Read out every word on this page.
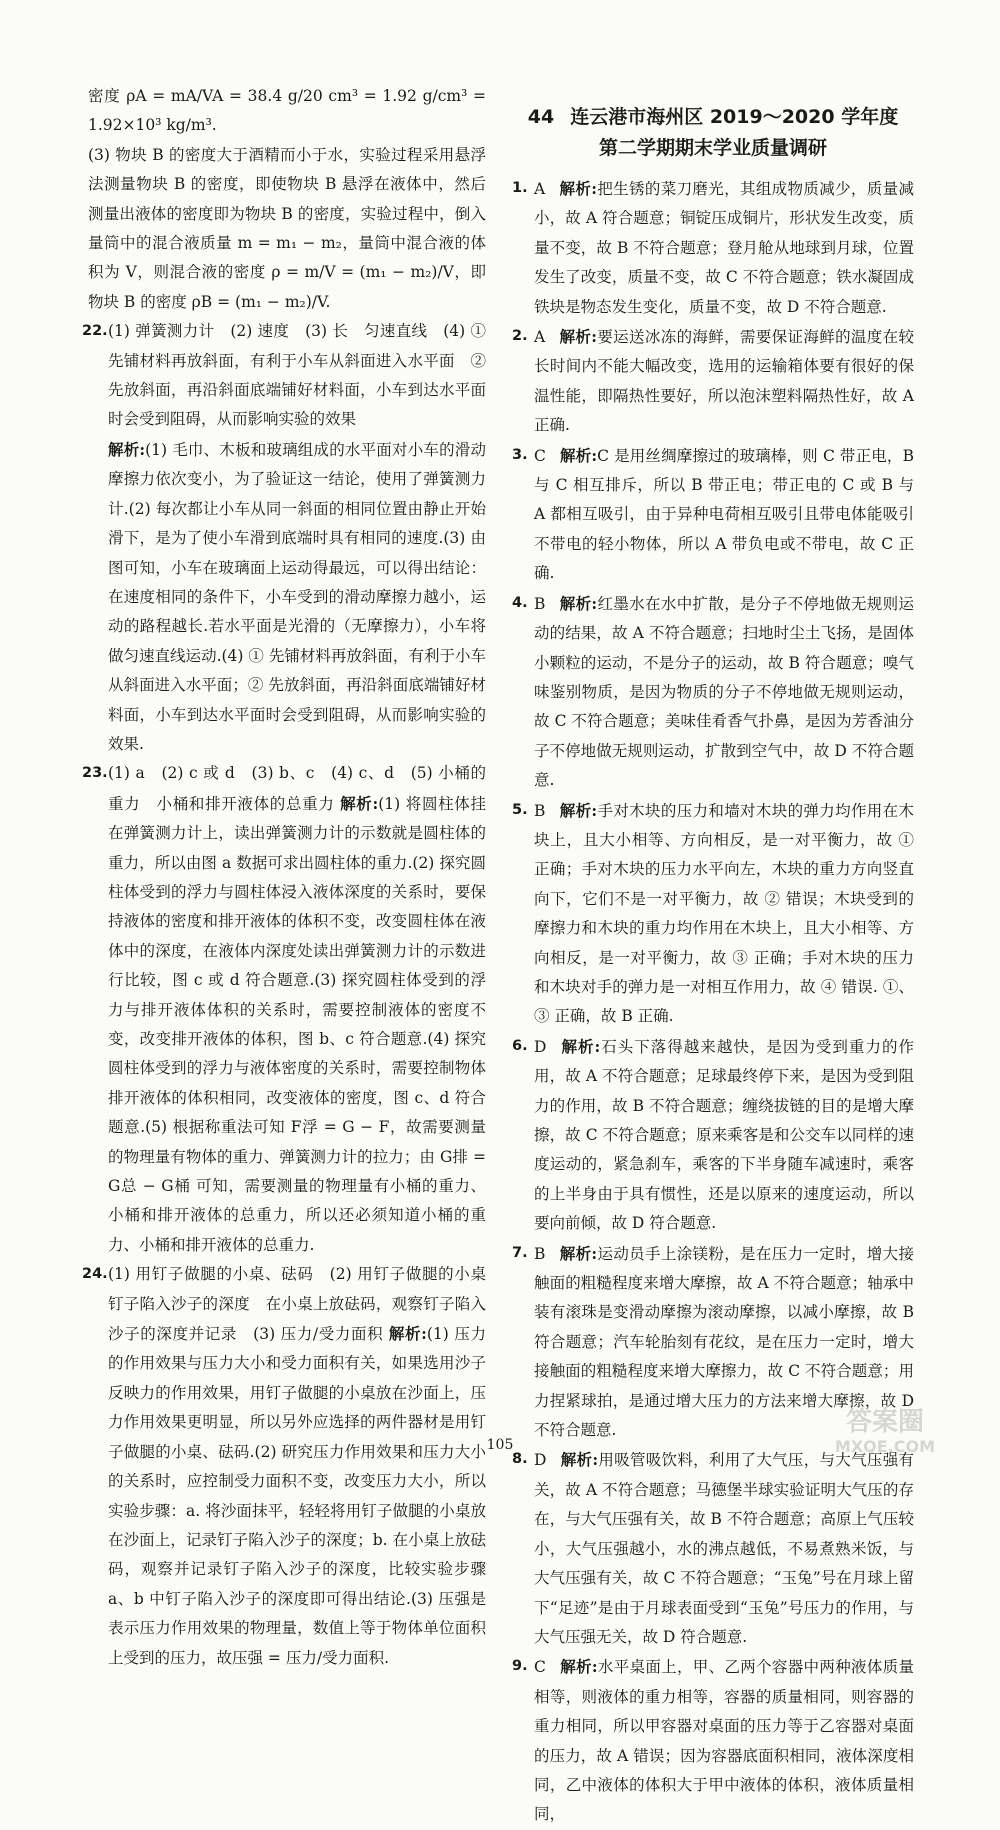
密度 ρA = mA/VA = 38.4 g/20 cm³ = 1.92 g/cm³ = 1.92×10³ kg/m³.

(3) 物块 B 的密度大于酒精而小于水，实验过程采用悬浮法测量物块 B 的密度，即使物块 B 悬浮在液体中，然后测量出液体的密度即为物块 B 的密度，实验过程中，倒入量筒中的混合液质量 m = m₁ − m₂，量筒中混合液的体积为 V，则混合液的密度 ρ = m/V = (m₁ − m₂)/V，即物块 B 的密度 ρB = (m₁ − m₂)/V.

22. (1) 弹簧测力计　(2) 速度　(3) 长　匀速直线　(4) ① 先铺材料再放斜面，有利于小车从斜面进入水平面　② 先放斜面，再沿斜面底端铺好材料面，小车到达水平面时会受到阻碍，从而影响实验的效果
解析:(1) 毛巾、木板和玻璃组成的水平面对小车的滑动摩擦力依次变小，为了验证这一结论，使用了弹簧测力计.(2) 每次都让小车从同一斜面的相同位置由静止开始滑下，是为了使小车滑到底端时具有相同的速度.(3) 由图可知，小车在玻璃面上运动得最远，可以得出结论：在速度相同的条件下，小车受到的滑动摩擦力越小，运动的路程越长.若水平面是光滑的（无摩擦力），小车将做匀速直线运动.(4) ① 先铺材料再放斜面，有利于小车从斜面进入水平面；② 先放斜面，再沿斜面底端铺好材料面，小车到达水平面时会受到阻碍，从而影响实验的效果.
23. (1) a　(2) c 或 d　(3) b、c　(4) c、d　(5) 小桶的重力　小桶和排开液体的总重力 解析:(1) 将圆柱体挂在弹簧测力计上，读出弹簧测力计的示数就是圆柱体的重力，所以由图 a 数据可求出圆柱体的重力.(2) 探究圆柱体受到的浮力与圆柱体浸入液体深度的关系时，要保持液体的密度和排开液体的体积不变，改变圆柱体在液体中的深度，在液体内深度处读出弹簧测力计的示数进行比较，图 c 或 d 符合题意.(3) 探究圆柱体受到的浮力与排开液体体积的关系时，需要控制液体的密度不变，改变排开液体的体积，图 b、c 符合题意.(4) 探究圆柱体受到的浮力与液体密度的关系时，需要控制物体排开液体的体积相同，改变液体的密度，图 c、d 符合题意.(5) 根据称重法可知 F浮 = G − F，故需要测量的物理量有物体的重力、弹簧测力计的拉力；由 G排 = G总 − G桶 可知，需要测量的物理量有小桶的重力、小桶和排开液体的总重力，所以还必须知道小桶的重力、小桶和排开液体的总重力.
24. (1) 用钉子做腿的小桌、砝码　(2) 用钉子做腿的小桌钉子陷入沙子的深度　在小桌上放砝码，观察钉子陷入沙子的深度并记录　(3) 压力/受力面积 解析:(1) 压力的作用效果与压力大小和受力面积有关，如果选用沙子反映力的作用效果，用钉子做腿的小桌放在沙面上，压力作用效果更明显，所以另外应选择的两件器材是用钉子做腿的小桌、砝码.(2) 研究压力作用效果和压力大小的关系时，应控制受力面积不变，改变压力大小，所以实验步骤：a. 将沙面抹平，轻轻将用钉子做腿的小桌放在沙面上，记录钉子陷入沙子的深度；b. 在小桌上放砝码，观察并记录钉子陷入沙子的深度，比较实验步骤 a、b 中钉子陷入沙子的深度即可得出结论.(3) 压强是表示压力作用效果的物理量，数值上等于物体单位面积上受到的压力，故压强 = 压力/受力面积.
44 连云港市海州区 2019～2020 学年度
第二学期期末学业质量调研
1. A 解析:把生锈的菜刀磨光，其组成物质减少，质量减小，故 A 符合题意；铜锭压成铜片，形状发生改变，质量不变，故 B 不符合题意；登月舱从地球到月球，位置发生了改变，质量不变，故 C 不符合题意；铁水凝固成铁块是物态发生变化，质量不变，故 D 不符合题意.
2. A 解析:要运送冰冻的海鲜，需要保证海鲜的温度在较长时间内不能大幅改变，选用的运输箱体要有很好的保温性能，即隔热性要好，所以泡沫塑料隔热性好，故 A 正确.
3. C 解析:C 是用丝绸摩擦过的玻璃棒，则 C 带正电，B 与 C 相互排斥，所以 B 带正电；带正电的 C 或 B 与 A 都相互吸引，由于异种电荷相互吸引且带电体能吸引不带电的轻小物体，所以 A 带负电或不带电，故 C 正确.
4. B 解析:红墨水在水中扩散，是分子不停地做无规则运动的结果，故 A 不符合题意；扫地时尘土飞扬，是固体小颗粒的运动，不是分子的运动，故 B 符合题意；嗅气味鉴别物质，是因为物质的分子不停地做无规则运动，故 C 不符合题意；美味佳肴香气扑鼻，是因为芳香油分子不停地做无规则运动，扩散到空气中，故 D 不符合题意.
5. B 解析:手对木块的压力和墙对木块的弹力均作用在木块上，且大小相等、方向相反，是一对平衡力，故 ① 正确；手对木块的压力水平向左，木块的重力方向竖直向下，它们不是一对平衡力，故 ② 错误；木块受到的摩擦力和木块的重力均作用在木块上，且大小相等、方向相反，是一对平衡力，故 ③ 正确；手对木块的压力和木块对手的弹力是一对相互作用力，故 ④ 错误. ①、③ 正确，故 B 正确.
6. D 解析:石头下落得越来越快，是因为受到重力的作用，故 A 不符合题意；足球最终停下来，是因为受到阻力的作用，故 B 不符合题意；缠绕拔链的目的是增大摩擦，故 C 不符合题意；原来乘客是和公交车以同样的速度运动的，紧急刹车，乘客的下半身随车减速时，乘客的上半身由于具有惯性，还是以原来的速度运动，所以要向前倾，故 D 符合题意.
7. B 解析:运动员手上涂镁粉，是在压力一定时，增大接触面的粗糙程度来增大摩擦，故 A 不符合题意；轴承中装有滚珠是变滑动摩擦为滚动摩擦，以减小摩擦，故 B 符合题意；汽车轮胎刻有花纹，是在压力一定时，增大接触面的粗糙程度来增大摩擦力，故 C 不符合题意；用力捏紧球拍，是通过增大压力的方法来增大摩擦，故 D 不符合题意.
8. D 解析:用吸管吸饮料，利用了大气压，与大气压强有关，故 A 不符合题意；马德堡半球实验证明大气压的存在，与大气压强有关，故 B 不符合题意；高原上气压较小，大气压强越小，水的沸点越低，不易煮熟米饭，与大气压强有关，故 C 不符合题意；“玉兔”号在月球上留下“足迹”是由于月球表面受到“玉兔”号压力的作用，与大气压强无关，故 D 符合题意.
9. C 解析:水平桌面上，甲、乙两个容器中两种液体质量相等，则液体的重力相等，容器的质量相同，则容器的重力相同，所以甲容器对桌面的压力等于乙容器对桌面的压力，故 A 错误；因为容器底面积相同，液体深度相同，乙中液体的体积大于甲中液体的体积，液体质量相同，
105
答案圈
MXQE.COM
